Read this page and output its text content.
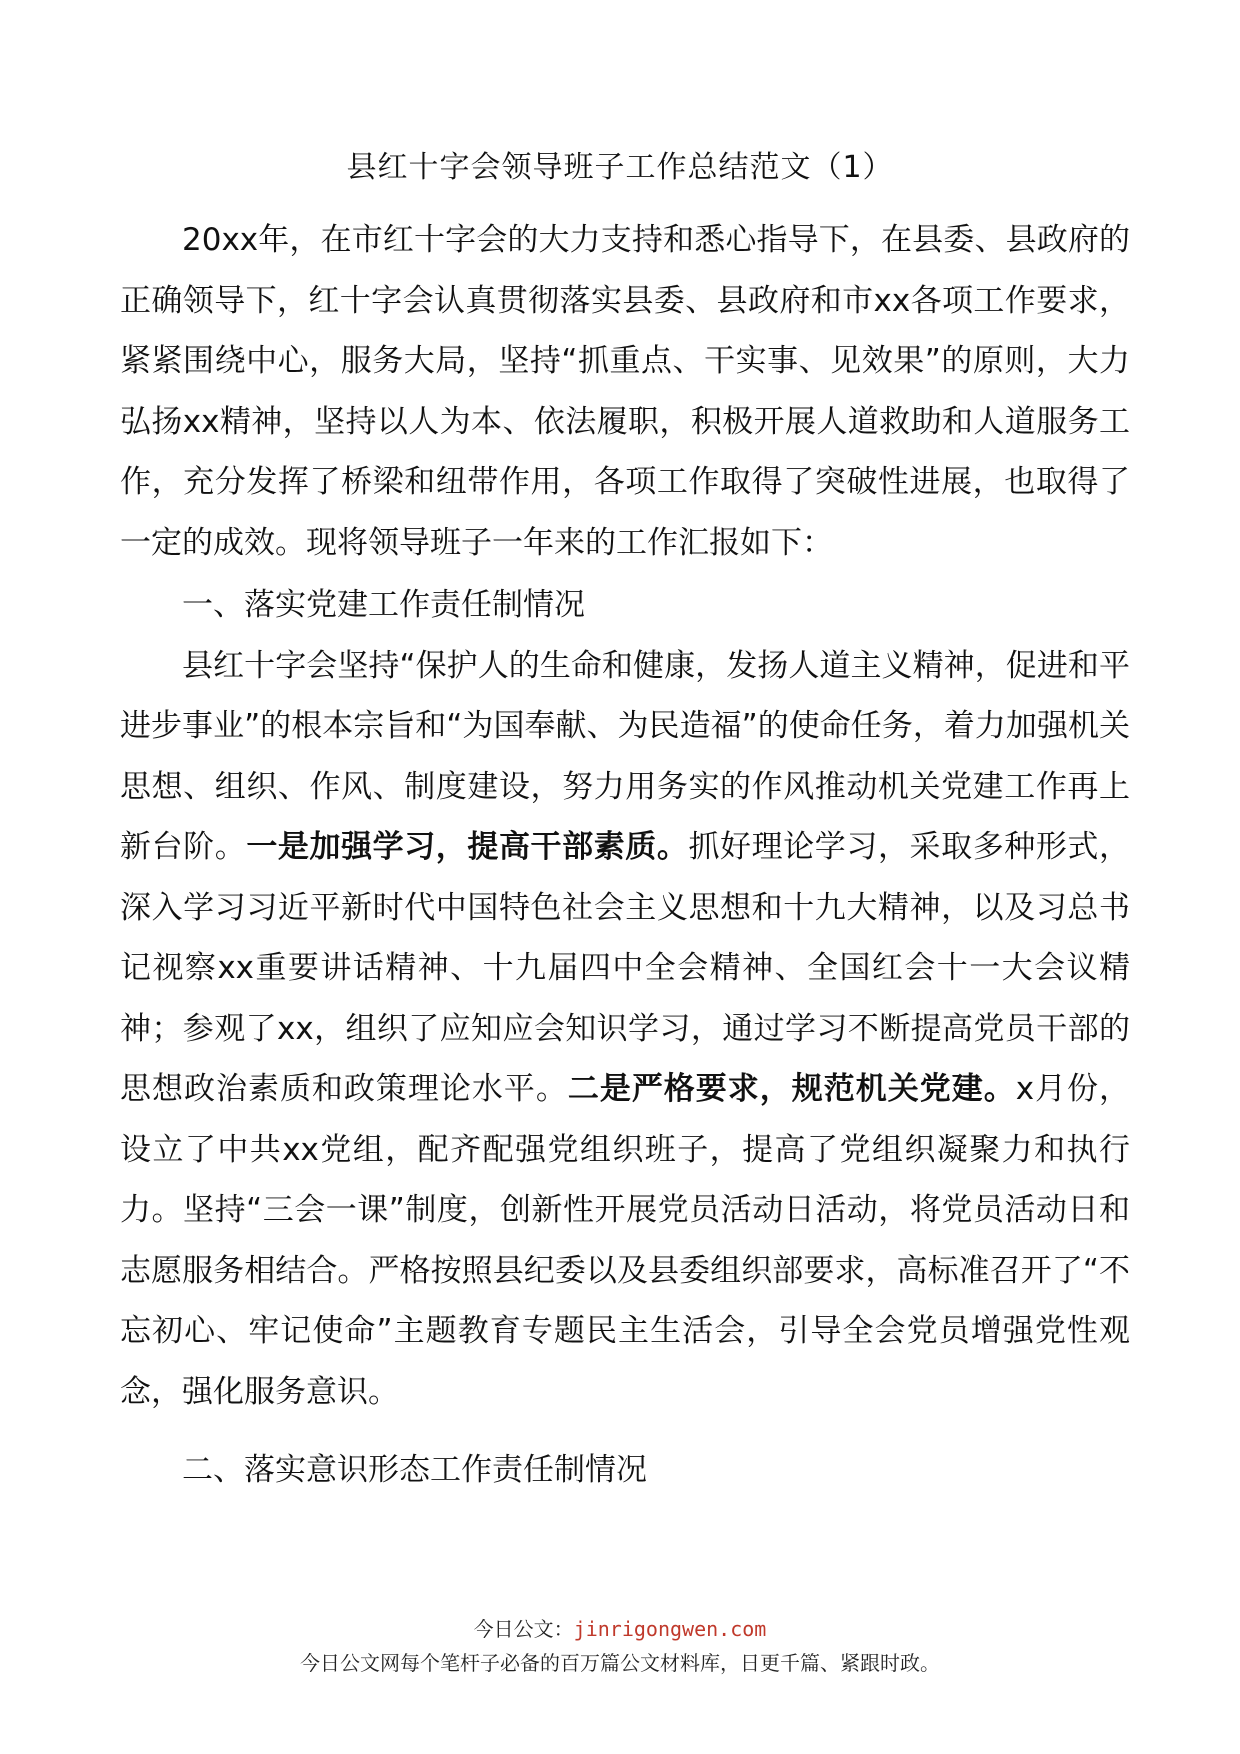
县红十字会领导班子工作总结范文（1）

20xx年，在市红十字会的大力支持和悉心指导下，在县委、县政府的正确领导下，红十字会认真贯彻落实县委、县政府和市xx各项工作要求，紧紧围绕中心，服务大局，坚持“抓重点、干实事、见效果”的原则，大力弘扬xx精神，坚持以人为本、依法履职，积极开展人道救助和人道服务工作，充分发挥了桥梁和纽带作用，各项工作取得了突破性进展，也取得了一定的成效。现将领导班子一年来的工作汇报如下：

一、落实党建工作责任制情况

县红十字会坚持“保护人的生命和健康，发扬人道主义精神，促进和平进步事业”的根本宗旨和“为国奉献、为民造福”的使命任务，着力加强机关思想、组织、作风、制度建设，努力用务实的作风推动机关党建工作再上新台阶。一是加强学习，提高干部素质。抓好理论学习，采取多种形式，深入学习习近平新时代中国特色社会主义思想和十九大精神，以及习总书记视察xx重要讲话精神、十九届四中全会精神、全国红会十一大会议精神；参观了xx，组织了应知应会知识学习，通过学习不断提高党员干部的思想政治素质和政策理论水平。二是严格要求，规范机关党建。x月份，设立了中共xx党组，配齐配强党组织班子，提高了党组织凝聚力和执行力。坚持“三会一课”制度，创新性开展党员活动日活动，将党员活动日和志愿服务相结合。严格按照县纪委以及县委组织部要求，高标准召开了“不忘初心、牢记使命”主题教育专题民主生活会，引导全会党员增强党性观念，强化服务意识。

二、落实意识形态工作责任制情况

今日公文：jinrigongwen.com
今日公文网每个笔杆子必备的百万篇公文材料库，日更千篇、紧跟时政。
